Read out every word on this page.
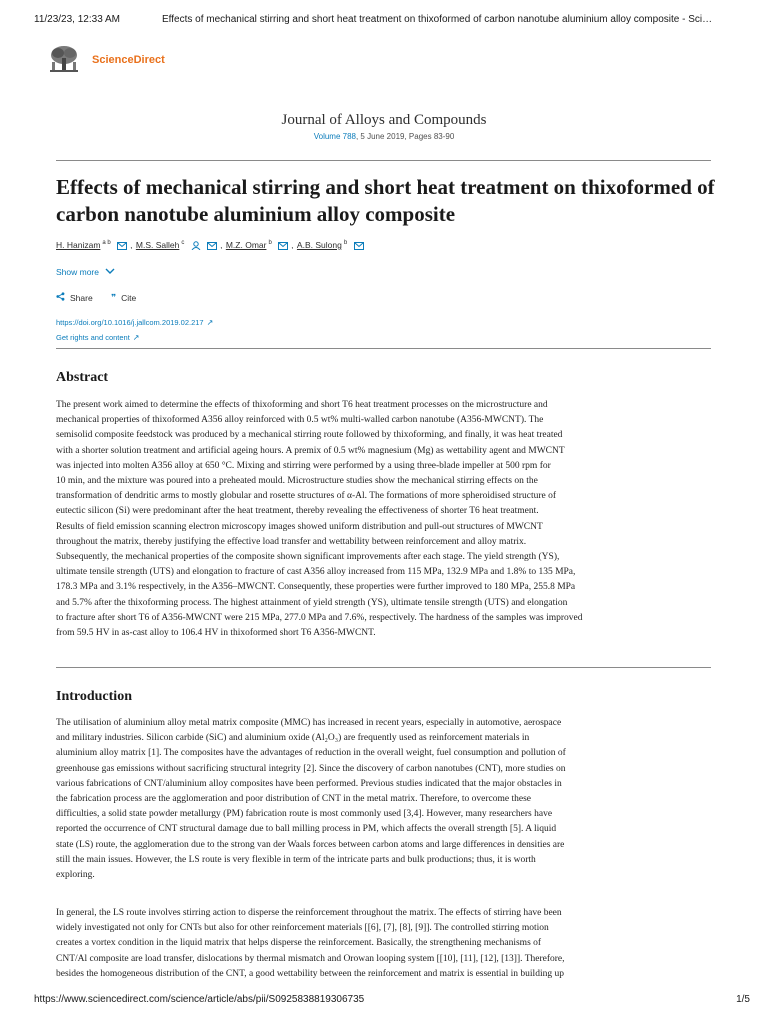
11/23/23, 12:33 AM	Effects of mechanical stirring and short heat treatment on thixoformed of carbon nanotube aluminium alloy composite - Sci…
ScienceDirect
Journal of Alloys and Compounds
Volume 788, 5 June 2019, Pages 83-90
Effects of mechanical stirring and short heat treatment on thixoformed of carbon nanotube aluminium alloy composite
H. Hanizam $^{a b}$ , M.S. Salleh $^c$	, M.Z. Omar $^b$ , A.B. Sulong $^b$
Show more
Share ❞ Cite
https://doi.org/10.1016/j.jallcom.2019.02.217 ↗
Get rights and content ↗
Abstract
The present work aimed to determine the effects of thixoforming and short T6 heat treatment processes on the microstructure and
mechanical properties of thixoformed A356 alloy reinforced with 0.5 wt% multi-walled carbon nanotube (A356-MWCNT). The
semisolid composite feedstock was produced by a mechanical stirring route followed by thixoforming, and finally, it was heat treated
with a shorter solution treatment and artificial ageing hours. A premix of 0.5 wt% magnesium (Mg) as wettability agent and MWCNT
was injected into molten A356 alloy at 650 °C. Mixing and stirring were performed by a using three-blade impeller at 500 rpm for
10 min, and the mixture was poured into a preheated mould. Microstructure studies show the mechanical stirring effects on the
transformation of dendritic arms to mostly globular and rosette structures of α-Al. The formations of more spheroidised structure of
eutectic silicon (Si) were predominant after the heat treatment, thereby revealing the effectiveness of shorter T6 heat treatment.
Results of field emission scanning electron microscopy images showed uniform distribution and pull-out structures of MWCNT
throughout the matrix, thereby justifying the effective load transfer and wettability between reinforcement and alloy matrix.
Subsequently, the mechanical properties of the composite shown significant improvements after each stage. The yield strength (YS),
ultimate tensile strength (UTS) and elongation to fracture of cast A356 alloy increased from 115 MPa, 132.9 MPa and 1.8% to 135 MPa,
178.3 MPa and 3.1% respectively, in the A356–MWCNT. Consequently, these properties were further improved to 180 MPa, 255.8 MPa
and 5.7% after the thixoforming process. The highest attainment of yield strength (YS), ultimate tensile strength (UTS) and elongation
to fracture after short T6 of A356-MWCNT were 215 MPa, 277.0 MPa and 7.6%, respectively. The hardness of the samples was improved
from 59.5 HV in as-cast alloy to 106.4 HV in thixoformed short T6 A356-MWCNT.
Introduction
The utilisation of aluminium alloy metal matrix composite (MMC) has increased in recent years, especially in automotive, aerospace
and military industries. Silicon carbide (SiC) and aluminium oxide (Al₂O₃) are frequently used as reinforcement materials in
aluminium alloy matrix [1]. The composites have the advantages of reduction in the overall weight, fuel consumption and pollution of
greenhouse gas emissions without sacrificing structural integrity [2]. Since the discovery of carbon nanotubes (CNT), more studies on
various fabrications of CNT/aluminium alloy composites have been performed. Previous studies indicated that the major obstacles in
the fabrication process are the agglomeration and poor distribution of CNT in the metal matrix. Therefore, to overcome these
difficulties, a solid state powder metallurgy (PM) fabrication route is most commonly used [3,4]. However, many researchers have
reported the occurrence of CNT structural damage due to ball milling process in PM, which affects the overall strength [5]. A liquid
state (LS) route, the agglomeration due to the strong van der Waals forces between carbon atoms and large differences in densities are
still the main issues. However, the LS route is very flexible in term of the intricate parts and bulk productions; thus, it is worth
exploring.
In general, the LS route involves stirring action to disperse the reinforcement throughout the matrix. The effects of stirring have been
widely investigated not only for CNTs but also for other reinforcement materials [[6], [7], [8], [9]]. The controlled stirring motion
creates a vortex condition in the liquid matrix that helps disperse the reinforcement. Basically, the strengthening mechanisms of
CNT/Al composite are load transfer, dislocations by thermal mismatch and Orowan looping system [[10], [11], [12], [13]]. Therefore,
besides the homogeneous distribution of the CNT, a good wettability between the reinforcement and matrix is essential in building up
https://www.sciencedirect.com/science/article/abs/pii/S0925838819306735	1/5
